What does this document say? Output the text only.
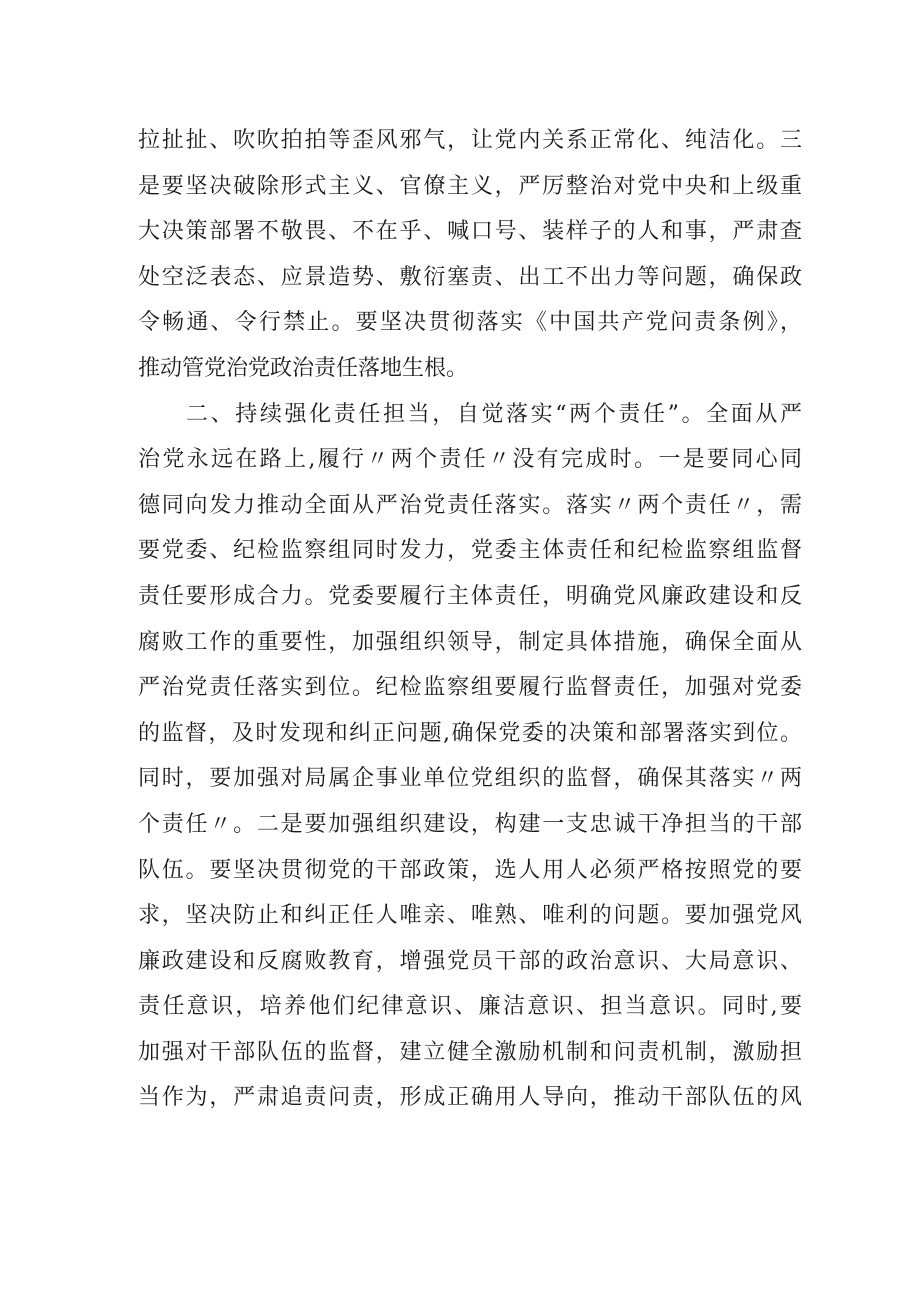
拉扯扯、吹吹拍拍等歪风邪气，让党内关系正常化、纯洁化。三
是要坚决破除形式主义、官僚主义，严厉整治对党中央和上级重
大决策部署不敬畏、不在乎、喊口号、装样子的人和事，严肃查
处空泛表态、应景造势、敷衍塞责、出工不出力等问题，确保政
令畅通、令行禁止。要坚决贯彻落实《中国共产党问责条例》，
推动管党治党政治责任落地生根。
二、持续强化责任担当，自觉落实“两个责任”。全面从严
治党永远在路上,履行〃两个责任〃没有完成时。一是要同心同
德同向发力推动全面从严治党责任落实。落实〃两个责任〃，需
要党委、纪检监察组同时发力，党委主体责任和纪检监察组监督
责任要形成合力。党委要履行主体责任，明确党风廉政建设和反
腐败工作的重要性，加强组织领导，制定具体措施，确保全面从
严治党责任落实到位。纪检监察组要履行监督责任，加强对党委
的监督，及时发现和纠正问题,确保党委的决策和部署落实到位。
同时，要加强对局属企事业单位党组织的监督，确保其落实〃两
个责任〃。二是要加强组织建设，构建一支忠诚干净担当的干部
队伍。要坚决贯彻党的干部政策，选人用人必须严格按照党的要
求，坚决防止和纠正任人唯亲、唯熟、唯利的问题。要加强党风
廉政建设和反腐败教育，增强党员干部的政治意识、大局意识、
责任意识，培养他们纪律意识、廉洁意识、担当意识。同时,要
加强对干部队伍的监督，建立健全激励机制和问责机制，激励担
当作为，严肃追责问责，形成正确用人导向，推动干部队伍的风
